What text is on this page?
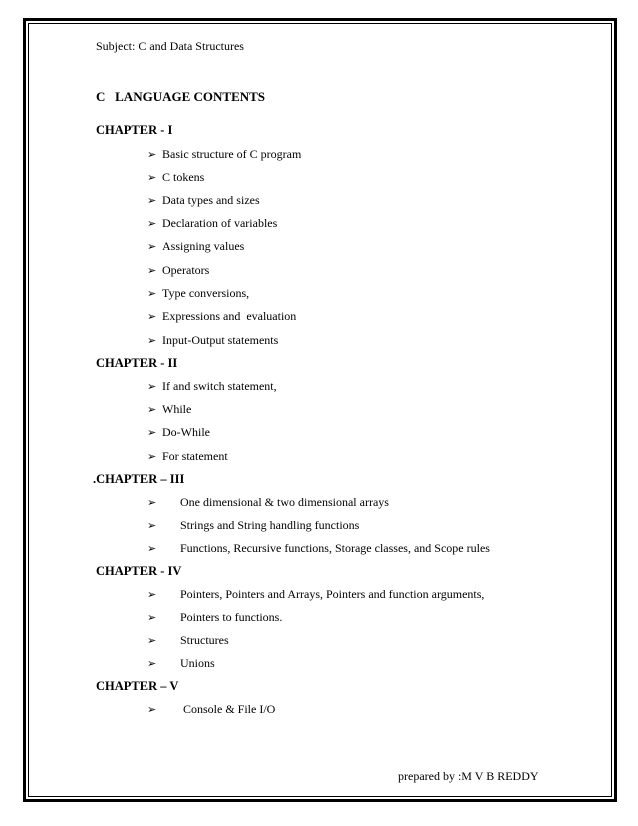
Subject: C and Data Structures
C   LANGUAGE CONTENTS
CHAPTER - I
➢ Basic structure of C program
➢ C tokens
➢ Data types and sizes
➢ Declaration of variables
➢ Assigning values
➢ Operators
➢ Type conversions,
➢ Expressions and  evaluation
➢ Input-Output statements
CHAPTER - II
➢ If and switch statement,
➢ While
➢ Do-While
➢ For statement
.CHAPTER – III
➢	One dimensional & two dimensional arrays
➢	Strings and String handling functions
➢	Functions, Recursive functions, Storage classes, and Scope rules
CHAPTER - IV
➢	Pointers, Pointers and Arrays, Pointers and function arguments,
➢	Pointers to functions.
➢	Structures
➢	Unions
CHAPTER – V
➢	Console & File I/O
prepared by :M V B REDDY
